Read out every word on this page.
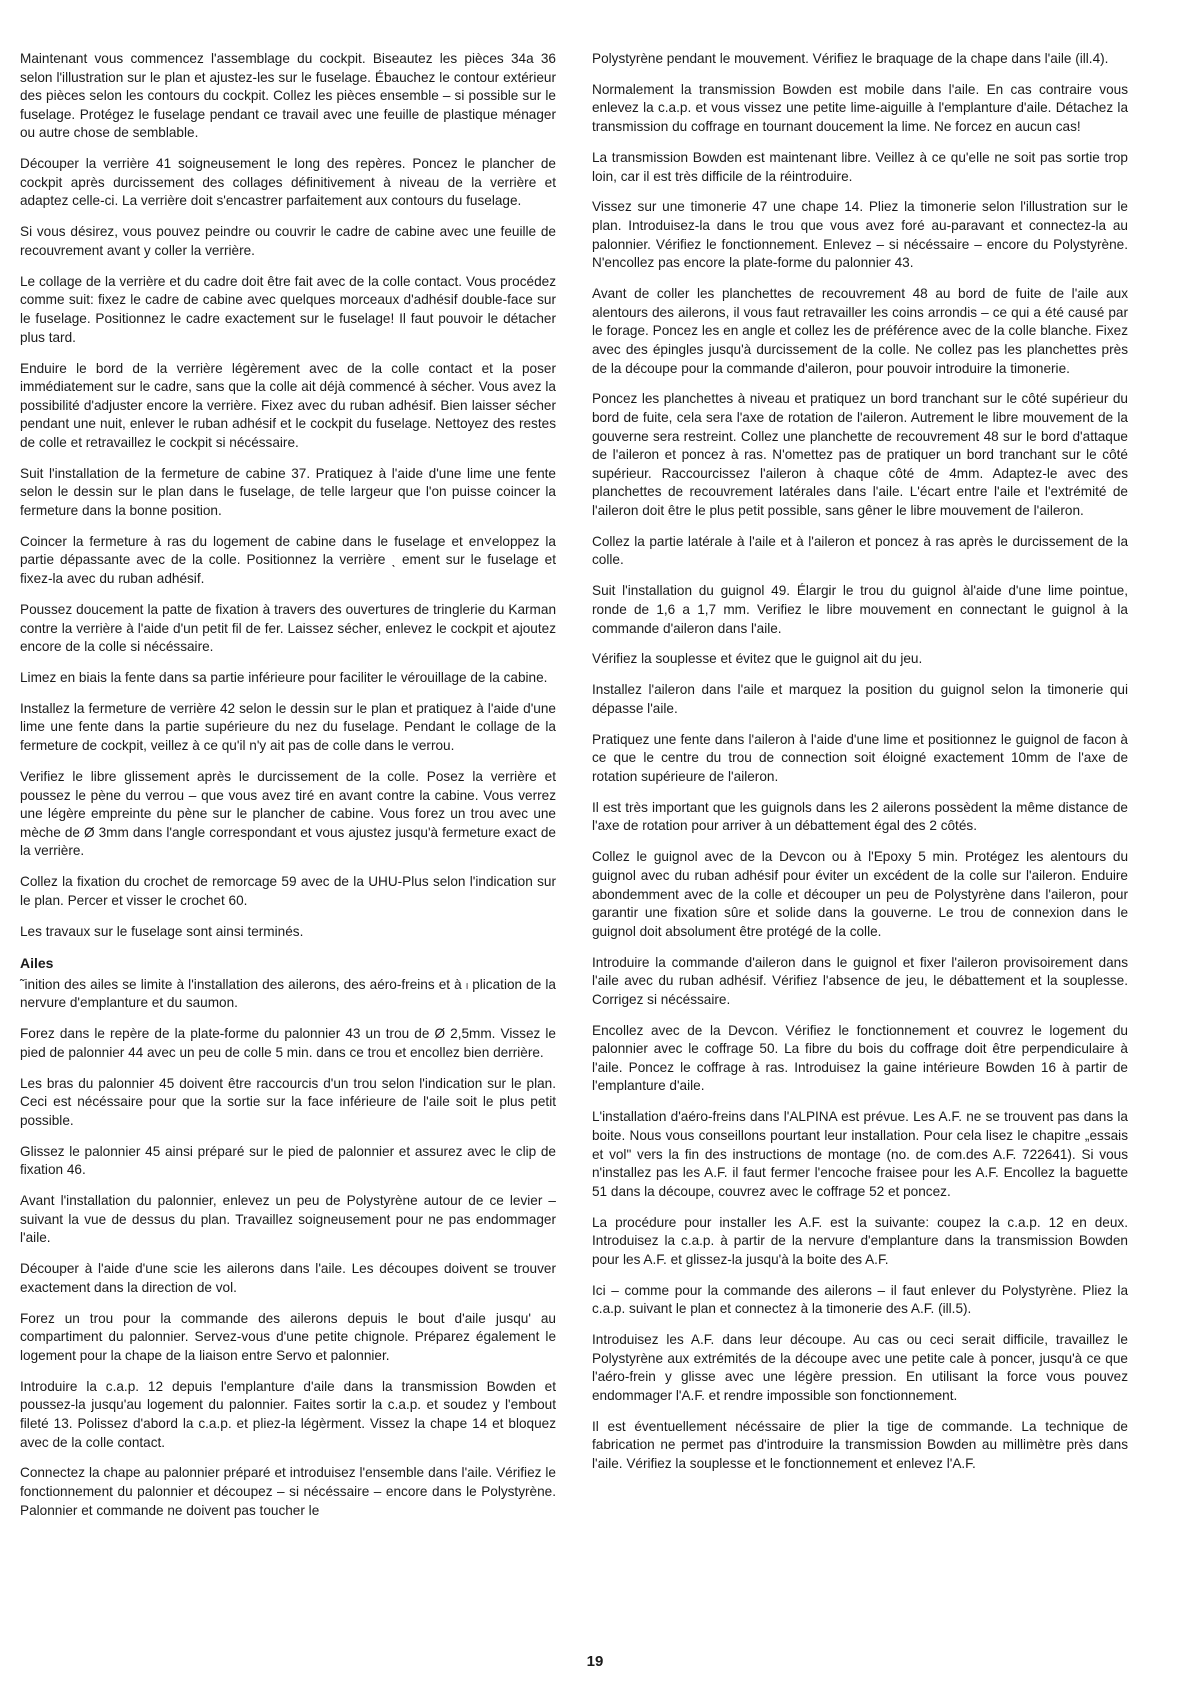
Maintenant vous commencez l'assemblage du cockpit. Biseautez les pièces 34a 36 selon l'illustration sur le plan et ajustez-les sur le fuselage. Ébauchez le contour extérieur des pièces selon les contours du cockpit. Collez les pièces ensemble – si possible sur le fuselage. Protégez le fuselage pendant ce travail avec une feuille de plastique ménager ou autre chose de semblable.

Découper la verrière 41 soigneusement le long des repères. Poncez le plancher de cockpit après durcissement des collages définitivement à niveau de la verrière et adaptez celle-ci. La verrière doit s'encastrer parfaitement aux contours du fuselage.

Si vous désirez, vous pouvez peindre ou couvrir le cadre de cabine avec une feuille de recouvrement avant y coller la verrière.

Le collage de la verrière et du cadre doit être fait avec de la colle contact. Vous procédez comme suit: fixez le cadre de cabine avec quelques morceaux d'adhésif double-face sur le fuselage. Positionnez le cadre exactement sur le fuselage! Il faut pouvoir le détacher plus tard.

Enduire le bord de la verrière légèrement avec de la colle contact et la poser immédiatement sur le cadre, sans que la colle ait déjà commencé à sécher. Vous avez la possibilité d'adjuster encore la verrière. Fixez avec du ruban adhésif. Bien laisser sécher pendant une nuit, enlever le ruban adhésif et le cockpit du fuselage. Nettoyez des restes de colle et retravaillez le cockpit si nécéssaire.

Suit l'installation de la fermeture de cabine 37. Pratiquez à l'aide d'une lime une fente selon le dessin sur le plan dans le fuselage, de telle largeur que l'on puisse coincer la fermeture dans la bonne position.

Coincer la fermeture à ras du logement de cabine dans le fuselage et en˅eloppez la partie dépassante avec de la colle. Positionnez la verrière ˎ ement sur le fuselage et fixez-la avec du ruban adhésif.

Poussez doucement la patte de fixation à travers des ouvertures de tringlerie du Karman contre la verrière à l'aide d'un petit fil de fer. Laissez sécher, enlevez le cockpit et ajoutez encore de la colle si nécéssaire.

Limez en biais la fente dans sa partie inférieure pour faciliter le vérouillage de la cabine.

Installez la fermeture de verrière 42 selon le dessin sur le plan et pratiquez à l'aide d'une lime une fente dans la partie supérieure du nez du fuselage. Pendant le collage de la fermeture de cockpit, veillez à ce qu'il n'y ait pas de colle dans le verrou.

Verifiez le libre glissement après le durcissement de la colle. Posez la verrière et poussez le pène du verrou – que vous avez tiré en avant contre la cabine. Vous verrez une légère empreinte du pène sur le plancher de cabine. Vous forez un trou avec une mèche de Ø 3mm dans l'angle correspondant et vous ajustez jusqu'à fermeture exact de la verrière.

Collez la fixation du crochet de remorcage 59 avec de la UHU-Plus selon l'indication sur le plan. Percer et visser le crochet 60.

Les travaux sur le fuselage sont ainsi terminés.

Ailes

˜inition des ailes se limite à l'installation des ailerons, des aéro-freins et à ₗ plication de la nervure d'emplanture et du saumon.

Forez dans le repère de la plate-forme du palonnier 43 un trou de Ø 2,5mm. Vissez le pied de palonnier 44 avec un peu de colle 5 min. dans ce trou et encollez bien derrière.

Les bras du palonnier 45 doivent être raccourcis d'un trou selon l'indication sur le plan. Ceci est nécéssaire pour que la sortie sur la face inférieure de l'aile soit le plus petit possible.

Glissez le palonnier 45 ainsi préparé sur le pied de palonnier et assurez avec le clip de fixation 46.

Avant l'installation du palonnier, enlevez un peu de Polystyrène autour de ce levier – suivant la vue de dessus du plan. Travaillez soigneusement pour ne pas endommager l'aile.

Découper à l'aide d'une scie les ailerons dans l'aile. Les découpes doivent se trouver exactement dans la direction de vol.

Forez un trou pour la commande des ailerons depuis le bout d'aile jusqu' au compartiment du palonnier. Servez-vous d'une petite chignole. Préparez également le logement pour la chape de la liaison entre Servo et palonnier.

Introduire la c.a.p. 12 depuis l'emplanture d'aile dans la transmission Bowden et poussez-la jusqu'au logement du palonnier. Faites sortir la c.a.p. et soudez y l'embout fileté 13. Polissez d'abord la c.a.p. et pliez-la légèrment. Vissez la chape 14 et bloquez avec de la colle contact.

Connectez la chape au palonnier préparé et introduisez l'ensemble dans l'aile. Vérifiez le fonctionnement du palonnier et découpez – si nécéssaire – encore dans le Polystyrène. Palonnier et commande ne doivent pas toucher le

Polystyrène pendant le mouvement. Vérifiez le braquage de la chape dans l'aile (ill.4).

Normalement la transmission Bowden est mobile dans l'aile. En cas contraire vous enlevez la c.a.p. et vous vissez une petite lime-aiguille à l'emplanture d'aile. Détachez la transmission du coffrage en tournant doucement la lime. Ne forcez en aucun cas!

La transmission Bowden est maintenant libre. Veillez à ce qu'elle ne soit pas sortie trop loin, car il est très difficile de la réintroduire.

Vissez sur une timonerie 47 une chape 14. Pliez la timonerie selon l'illustration sur le plan. Introduisez-la dans le trou que vous avez foré au-paravant et connectez-la au palonnier. Vérifiez le fonctionnement. Enlevez – si nécéssaire – encore du Polystyrène. N'encollez pas encore la plate-forme du palonnier 43.

Avant de coller les planchettes de recouvrement 48 au bord de fuite de l'aile aux alentours des ailerons, il vous faut retravailler les coins arrondis – ce qui a été causé par le forage. Poncez les en angle et collez les de préférence avec de la colle blanche. Fixez avec des épingles jusqu'à durcissement de la colle. Ne collez pas les planchettes près de la découpe pour la commande d'aileron, pour pouvoir introduire la timonerie.

Poncez les planchettes à niveau et pratiquez un bord tranchant sur le côté supérieur du bord de fuite, cela sera l'axe de rotation de l'aileron. Autrement le libre mouvement de la gouverne sera restreint. Collez une planchette de recouvrement 48 sur le bord d'attaque de l'aileron et poncez à ras. N'omettez pas de pratiquer un bord tranchant sur le côté supérieur. Raccourcissez l'aileron à chaque côté de 4mm. Adaptez-le avec des planchettes de recouvrement latérales dans l'aile. L'écart entre l'aile et l'extrémité de l'aileron doit être le plus petit possible, sans gêner le libre mouvement de l'aileron.

Collez la partie latérale à l'aile et à l'aileron et poncez à ras après le durcissement de la colle.

Suit l'installation du guignol 49. Élargir le trou du guignol àl'aide d'une lime pointue, ronde de 1,6 a 1,7 mm. Verifiez le libre mouvement en connectant le guignol à la commande d'aileron dans l'aile.

Vérifiez la souplesse et évitez que le guignol ait du jeu.

Installez l'aileron dans l'aile et marquez la position du guignol selon la timonerie qui dépasse l'aile.

Pratiquez une fente dans l'aileron à l'aide d'une lime et positionnez le guignol de facon à ce que le centre du trou de connection soit éloigné exactement 10mm de l'axe de rotation supérieure de l'aileron.

Il est très important que les guignols dans les 2 ailerons possèdent la même distance de l'axe de rotation pour arriver à un débattement égal des 2 côtés.

Collez le guignol avec de la Devcon ou à l'Epoxy 5 min. Protégez les alentours du guignol avec du ruban adhésif pour éviter un excédent de la colle sur l'aileron. Enduire abondemment avec de la colle et découper un peu de Polystyrène dans l'aileron, pour garantir une fixation sûre et solide dans la gouverne. Le trou de connexion dans le guignol doit absolument être protégé de la colle.

Introduire la commande d'aileron dans le guignol et fixer l'aileron provisoirement dans l'aile avec du ruban adhésif. Vérifiez l'absence de jeu, le débattement et la souplesse. Corrigez si nécéssaire.

Encollez avec de la Devcon. Vérifiez le fonctionnement et couvrez le logement du palonnier avec le coffrage 50. La fibre du bois du coffrage doit être perpendiculaire à l'aile. Poncez le coffrage à ras. Introduisez la gaine intérieure Bowden 16 à partir de l'emplanture d'aile.

L'installation d'aéro-freins dans l'ALPINA est prévue. Les A.F. ne se trouvent pas dans la boite. Nous vous conseillons pourtant leur installation. Pour cela lisez le chapitre „essais et vol" vers la fin des instructions de montage (no. de com.des A.F. 722641). Si vous n'installez pas les A.F. il faut fermer l'encoche fraisee pour les A.F. Encollez la baguette 51 dans la découpe, couvrez avec le coffrage 52 et poncez.

La procédure pour installer les A.F. est la suivante: coupez la c.a.p. 12 en deux. Introduisez la c.a.p. à partir de la nervure d'emplanture dans la transmission Bowden pour les A.F. et glissez-la jusqu'à la boite des A.F.

Ici – comme pour la commande des ailerons – il faut enlever du Polystyrène. Pliez la c.a.p. suivant le plan et connectez à la timonerie des A.F. (ill.5).

Introduisez les A.F. dans leur découpe. Au cas ou ceci serait difficile, travaillez le Polystyrène aux extrémités de la découpe avec une petite cale à poncer, jusqu'à ce que l'aéro-frein y glisse avec une légère pression. En utilisant la force vous pouvez endommager l'A.F. et rendre impossible son fonctionnement.

Il est éventuellement nécéssaire de plier la tige de commande. La technique de fabrication ne permet pas d'introduire la transmission Bowden au millimètre près dans l'aile. Vérifiez la souplesse et le fonctionnement et enlevez l'A.F.

19
